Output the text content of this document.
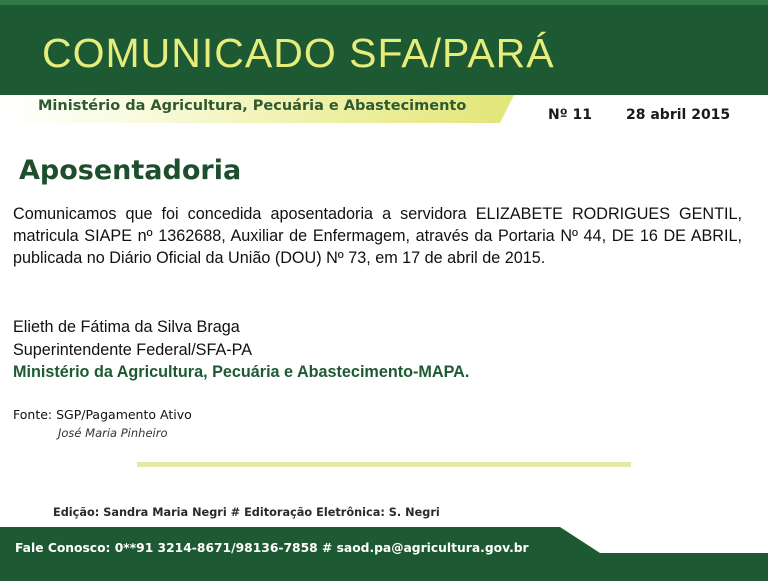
COMUNICADO SFA/PARÁ
Ministério da Agricultura, Pecuária e Abastecimento
Nº 11 28 abril 2015
Aposentadoria

Comunicamos que foi concedida aposentadoria a servidora ELIZABETE RODRIGUES GENTIL, matricula SIAPE nº 1362688, Auxiliar de Enfermagem, através da Portaria Nº 44, DE 16 DE ABRIL, publicada no Diário Oficial da União (DOU) Nº 73, em 17 de abril de 2015.

Elieth de Fátima da Silva Braga
Superintendente Federal/SFA-PA
Ministério da Agricultura, Pecuária e Abastecimento-MAPA.
Fonte: SGP/Pagamento Ativo
José Maria Pinheiro
Edição: Sandra Maria Negri # Editoração Eletrônica: S. Negri
Fale Conosco: 0**91 3214-8671/98136-7858 # saod.pa@agricultura.gov.br
